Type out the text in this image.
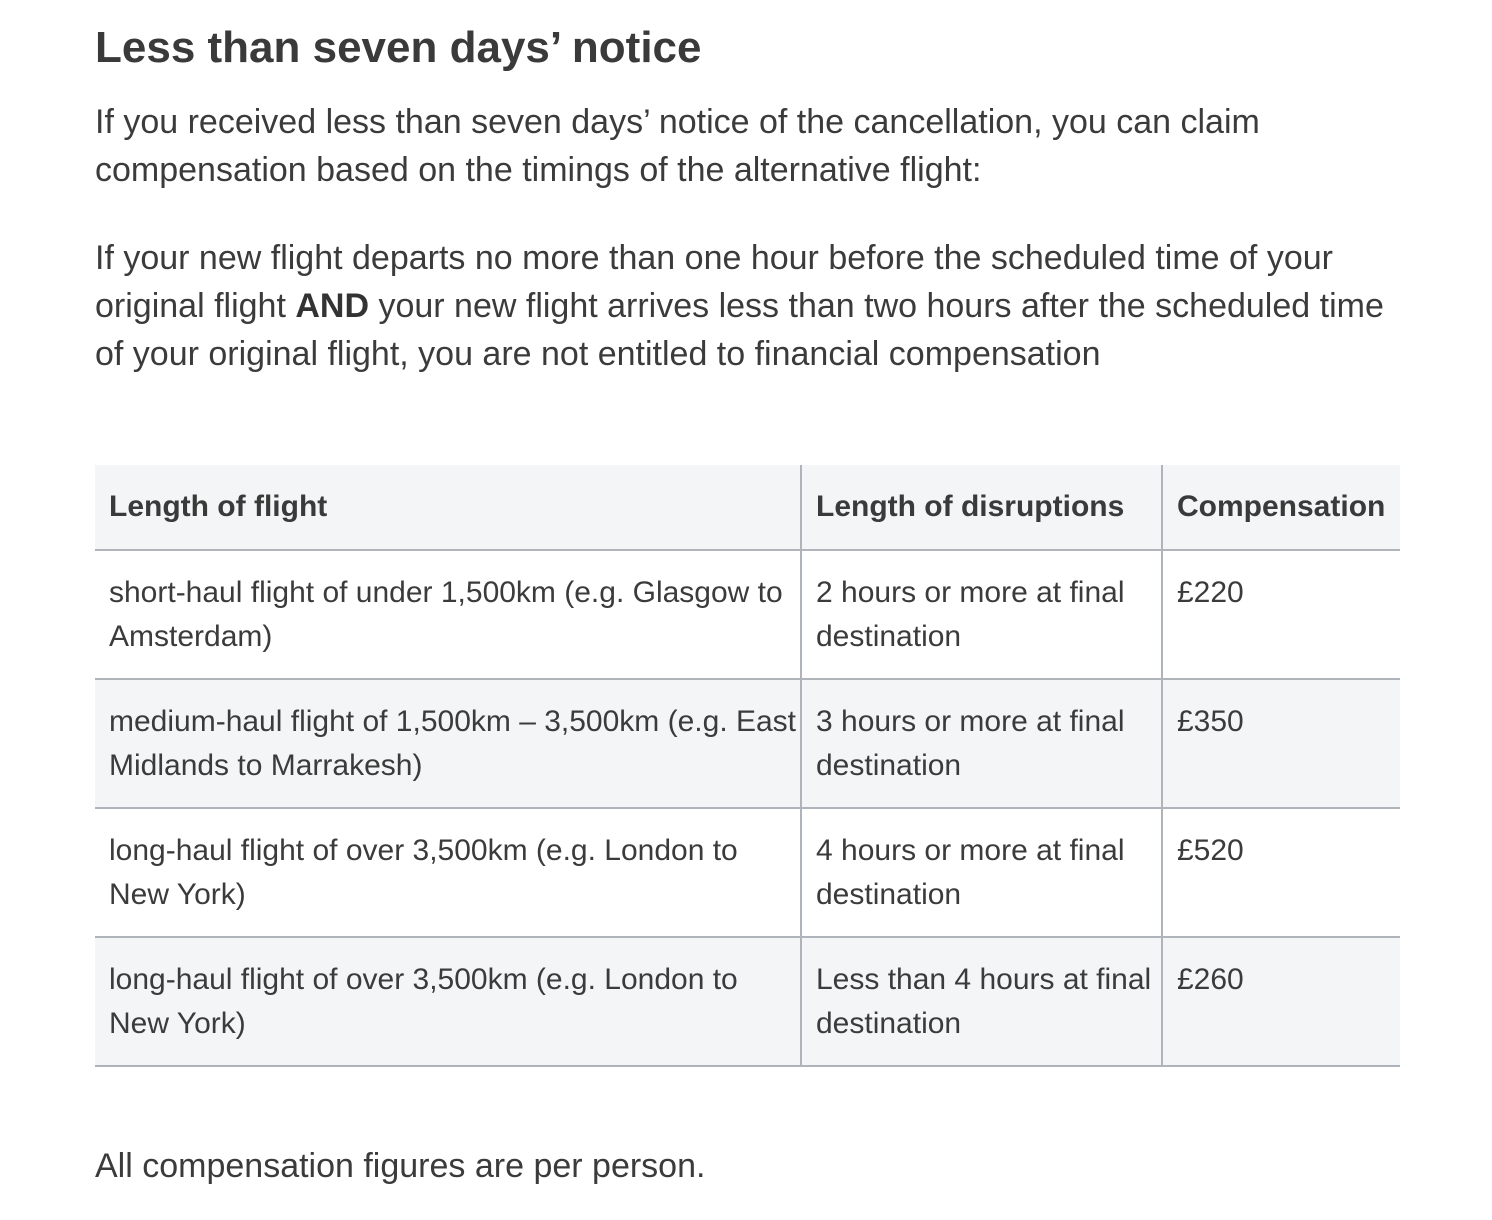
Less than seven days’ notice

If you received less than seven days’ notice of the cancellation, you can claim compensation based on the timings of the alternative flight:

If your new flight departs no more than one hour before the scheduled time of your original flight AND your new flight arrives less than two hours after the scheduled time of your original flight, you are not entitled to financial compensation

Length of flight	Length of disruptions	Compensation
short-haul flight of under 1,500km (e.g. Glasgow to Amsterdam)	2 hours or more at final destination	£220
medium-haul flight of 1,500km – 3,500km (e.g. East Midlands to Marrakesh)	3 hours or more at final destination	£350
long-haul flight of over 3,500km (e.g. London to New York)	4 hours or more at final destination	£520
long-haul flight of over 3,500km (e.g. London to New York)	Less than 4 hours at final destination	£260

All compensation figures are per person.
